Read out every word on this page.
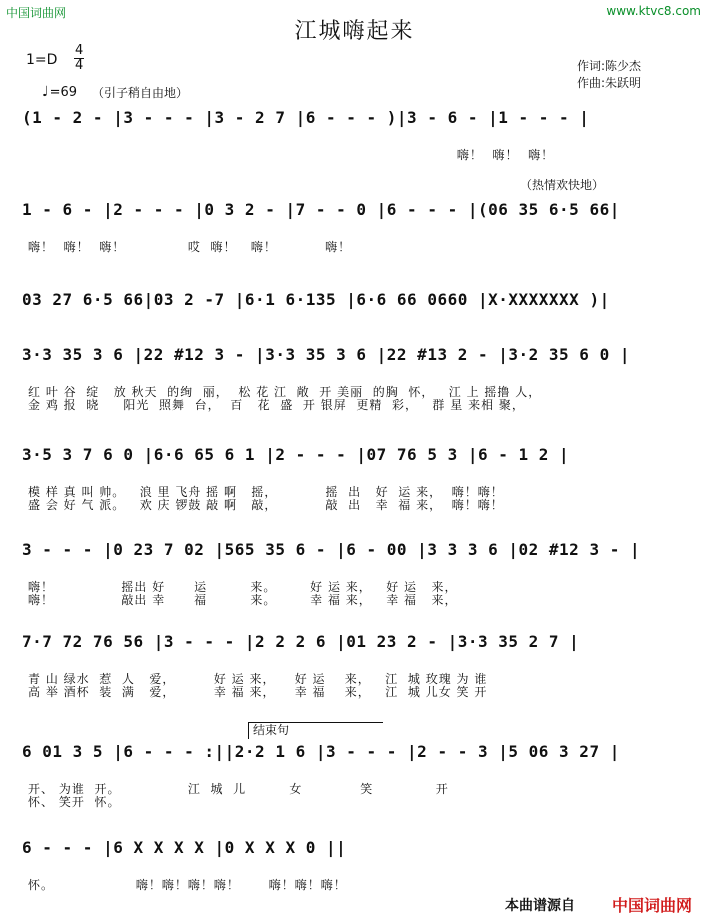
中国词曲网	www.ktvc8.com
江城嗨起来
1=D
4
4
♩=69 （引子稍自由地）
作词:陈少杰
作曲:朱跃明
（热情欢快地）
结束句
(1 - 2 - |3 - - - |3 - 2 7 |6 - - - )|3 - 6 - |1 - - - |
嗨！  嗨！  嗨！
1 - 6 - |2 - - - |0 3 2 - |7 - - 0 |6 - - - |(06 35 6·5 66|
嗨！  嗨！  嗨！             哎  嗨！   嗨！          嗨！
03 27 6·5 66|03 2 -7 |6·1 6·135 |6·6 66 0660 |X·XXXXXXX )|
3·3 35 3 6 |22 #12 3 - |3·3 35 3 6 |22 #13 2 - |3·2 35 6 0 |
红 叶 谷  绽   放 秋天  的绚  丽，  松 花 江  敞  开 美丽  的胸  怀，   江 上 摇撸 人，
金 鸡 报  晓     阳光  照舞  台，  百   花  盛  开 银屏  更精  彩，   群 星 来相 聚，
3·5 3 7 6 0 |6·6 65 6 1 |2 - - - |07 76 5 3 |6 - 1 2 |
模 样 真 叫 帅。   浪 里 飞舟 摇 啊   摇，          摇  出   好  运 来，  嗨！嗨！
盛 会 好 气 派。   欢 庆 锣鼓 敲 啊   敲，          敲  出   幸  福 来，  嗨！嗨！
3 - - - |0 23 7 02 |565 35 6 - |6 - 00 |3 3 3 6 |02 #12 3 - |
嗨！              摇出 好      运         来。       好 运 来，   好 运   来，
嗨！              敲出 幸      福         来。       幸 福 来，   幸 福   来，
7·7 72 76 56 |3 - - - |2 2 2 6 |01 23 2 - |3·3 35 2 7 |
青 山 绿水  惹  人   爱，        好 运 来，    好 运    来，   江  城 玫瑰 为 谁
高 举 酒杯  装  满   爱，        幸 福 来，    幸 福    来，   江  城 儿女 笑 开
6 01 3 5 |6 - - - :||2·2 1 6 |3 - - - |2 - - 3 |5 06 3 27 |
开、 为谁  开。              江  城  儿         女            笑             开
怀、 笑开  怀。
6 - - - |6 X X X X |0 X X X 0 ||
怀。                 嗨！嗨！嗨！嗨！      嗨！嗨！嗨！
本曲谱源自 中国词曲网
